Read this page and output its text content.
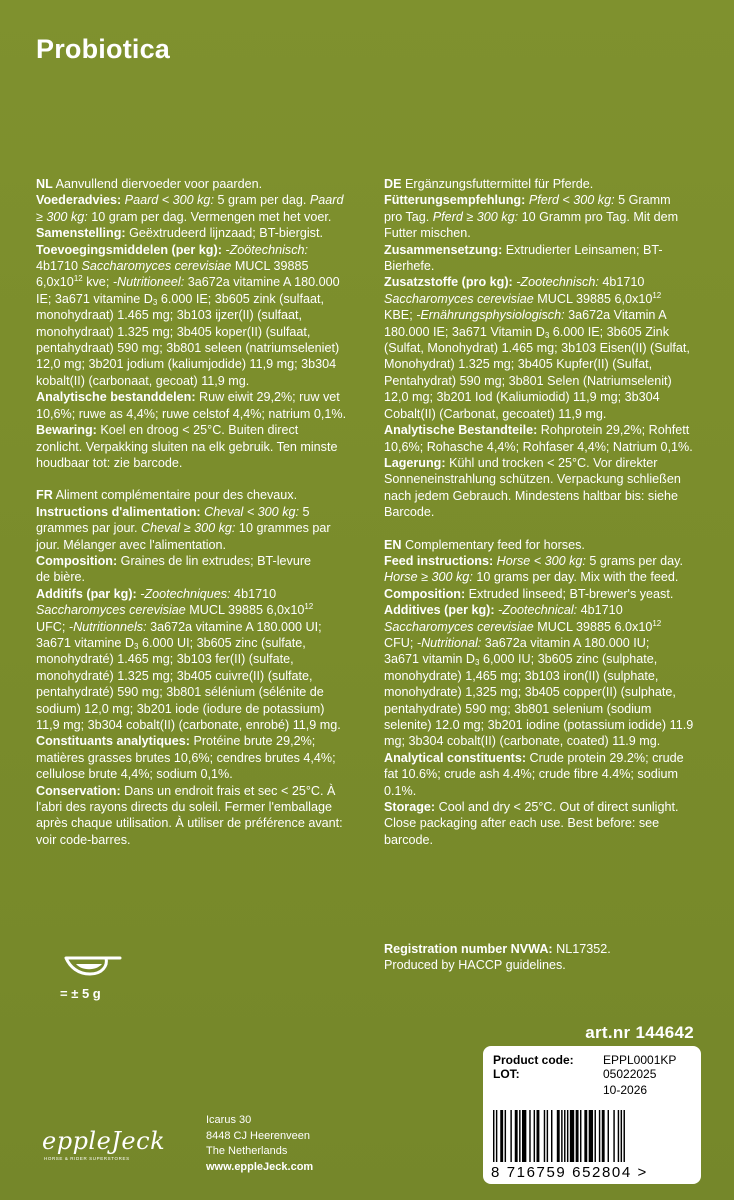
Probiotica
NL Aanvullend diervoeder voor paarden.
Voederadvies: Paard < 300 kg: 5 gram per dag. Paard
≥ 300 kg: 10 gram per dag. Vermengen met het voer.
Samenstelling: Geëxtrudeerd lijnzaad; BT-biergist.
Toevoegingsmiddelen (per kg): -Zoötechnisch:
4b1710 Saccharomyces cerevisiae MUCL 39885
$6,0x10^{12}$ kve; -Nutritioneel: 3a672a vitamine A 180.000
IE; 3a671 vitamine $D_3$ 6.000 IE; 3b605 zink (sulfaat,
monohydraat) 1.465 mg; 3b103 ijzer(II) (sulfaat,
monohydraat) 1.325 mg; 3b405 koper(II) (sulfaat,
pentahydraat) 590 mg; 3b801 seleen (natriumseleniet)
12,0 mg; 3b201 jodium (kaliumjodide) 11,9 mg; 3b304
kobalt(II) (carbonaat, gecoat) 11,9 mg.
Analytische bestanddelen: Ruw eiwit 29,2%; ruw vet
10,6%; ruwe as 4,4%; ruwe celstof 4,4%; natrium 0,1%.
Bewaring: Koel en droog < 25°C. Buiten direct
zonlicht. Verpakking sluiten na elk gebruik. Ten minste
houdbaar tot: zie barcode.
FR Aliment complémentaire pour des chevaux.
Instructions d'alimentation: Cheval < 300 kg: 5
grammes par jour. Cheval ≥ 300 kg: 10 grammes par
jour. Mélanger avec l'alimentation.
Composition: Graines de lin extrudes; BT-levure
de bière.
Additifs (par kg): -Zootechniques: 4b1710
Saccharomyces cerevisiae MUCL 39885 $6,0x10^{12}$
UFC; -Nutritionnels: 3a672a vitamine A 180.000 UI;
3a671 vitamine $D_3$ 6.000 UI; 3b605 zinc (sulfate,
monohydraté) 1.465 mg; 3b103 fer(II) (sulfate,
monohydraté) 1.325 mg; 3b405 cuivre(II) (sulfate,
pentahydraté) 590 mg; 3b801 sélénium (sélénite de
sodium) 12,0 mg; 3b201 iode (iodure de potassium)
11,9 mg; 3b304 cobalt(II) (carbonate, enrobé) 11,9 mg.
Constituants analytiques: Protéine brute 29,2%;
matières grasses brutes 10,6%; cendres brutes 4,4%;
cellulose brute 4,4%; sodium 0,1%.
Conservation: Dans un endroit frais et sec < 25°C. À
l'abri des rayons directs du soleil. Fermer l'emballage
après chaque utilisation. À utiliser de préférence avant:
voir code-barres.
DE Ergänzungsfuttermittel für Pferde.
Fütterungsempfehlung: Pferd < 300 kg: 5 Gramm
pro Tag. Pferd ≥ 300 kg: 10 Gramm pro Tag. Mit dem
Futter mischen.
Zusammensetzung: Extrudierter Leinsamen; BT-
Bierhefe.
Zusatzstoffe (pro kg): -Zootechnisch: 4b1710
Saccharomyces cerevisiae MUCL 39885 $6,0x10^{12}$
KBE; -Ernährungsphysiologisch: 3a672a Vitamin A
180.000 IE; 3a671 Vitamin $D_3$ 6.000 IE; 3b605 Zink
(Sulfat, Monohydrat) 1.465 mg; 3b103 Eisen(II) (Sulfat,
Monohydrat) 1.325 mg; 3b405 Kupfer(II) (Sulfat,
Pentahydrat) 590 mg; 3b801 Selen (Natriumselenit)
12,0 mg; 3b201 Iod (Kaliumiodid) 11,9 mg; 3b304
Cobalt(II) (Carbonat, gecoatet) 11,9 mg.
Analytische Bestandteile: Rohprotein 29,2%; Rohfett
10,6%; Rohasche 4,4%; Rohfaser 4,4%; Natrium 0,1%.
Lagerung: Kühl und trocken < 25°C. Vor direkter
Sonneneinstrahlung schützen. Verpackung schließen
nach jedem Gebrauch. Mindestens haltbar bis: siehe
Barcode.
EN Complementary feed for horses.
Feed instructions: Horse < 300 kg: 5 grams per day.
Horse ≥ 300 kg: 10 grams per day. Mix with the feed.
Composition: Extruded linseed; BT-brewer's yeast.
Additives (per kg): -Zootechnical: 4b1710
Saccharomyces cerevisiae MUCL 39885 $6.0x10^{12}$
CFU; -Nutritional: 3a672a vitamin A 180.000 IU;
3a671 vitamin $D_3$ 6,000 IU; 3b605 zinc (sulphate,
monohydrate) 1,465 mg; 3b103 iron(II) (sulphate,
monohydrate) 1,325 mg; 3b405 copper(II) (sulphate,
pentahydrate) 590 mg; 3b801 selenium (sodium
selenite) 12.0 mg; 3b201 iodine (potassium iodide) 11.9
mg; 3b304 cobalt(II) (carbonate, coated) 11.9 mg.
Analytical constituents: Crude protein 29.2%; crude
fat 10.6%; crude ash 4.4%; crude fibre 4.4%; sodium
0.1%.
Storage: Cool and dry < 25°C. Out of direct sunlight.
Close packaging after each use. Best before: see
barcode.
Registration number NVWA: NL17352.
Produced by HACCP guidelines.
= ± 5 g
art.nr 144642
Product code: EPPL0001KP
LOT:	05022025
10-2026
8 716759 652804 >
eppleJeck
HORSE & RIDER SUPERSTORES
Icarus 30
8448 CJ Heerenveen
The Netherlands
www.eppleJeck.com
